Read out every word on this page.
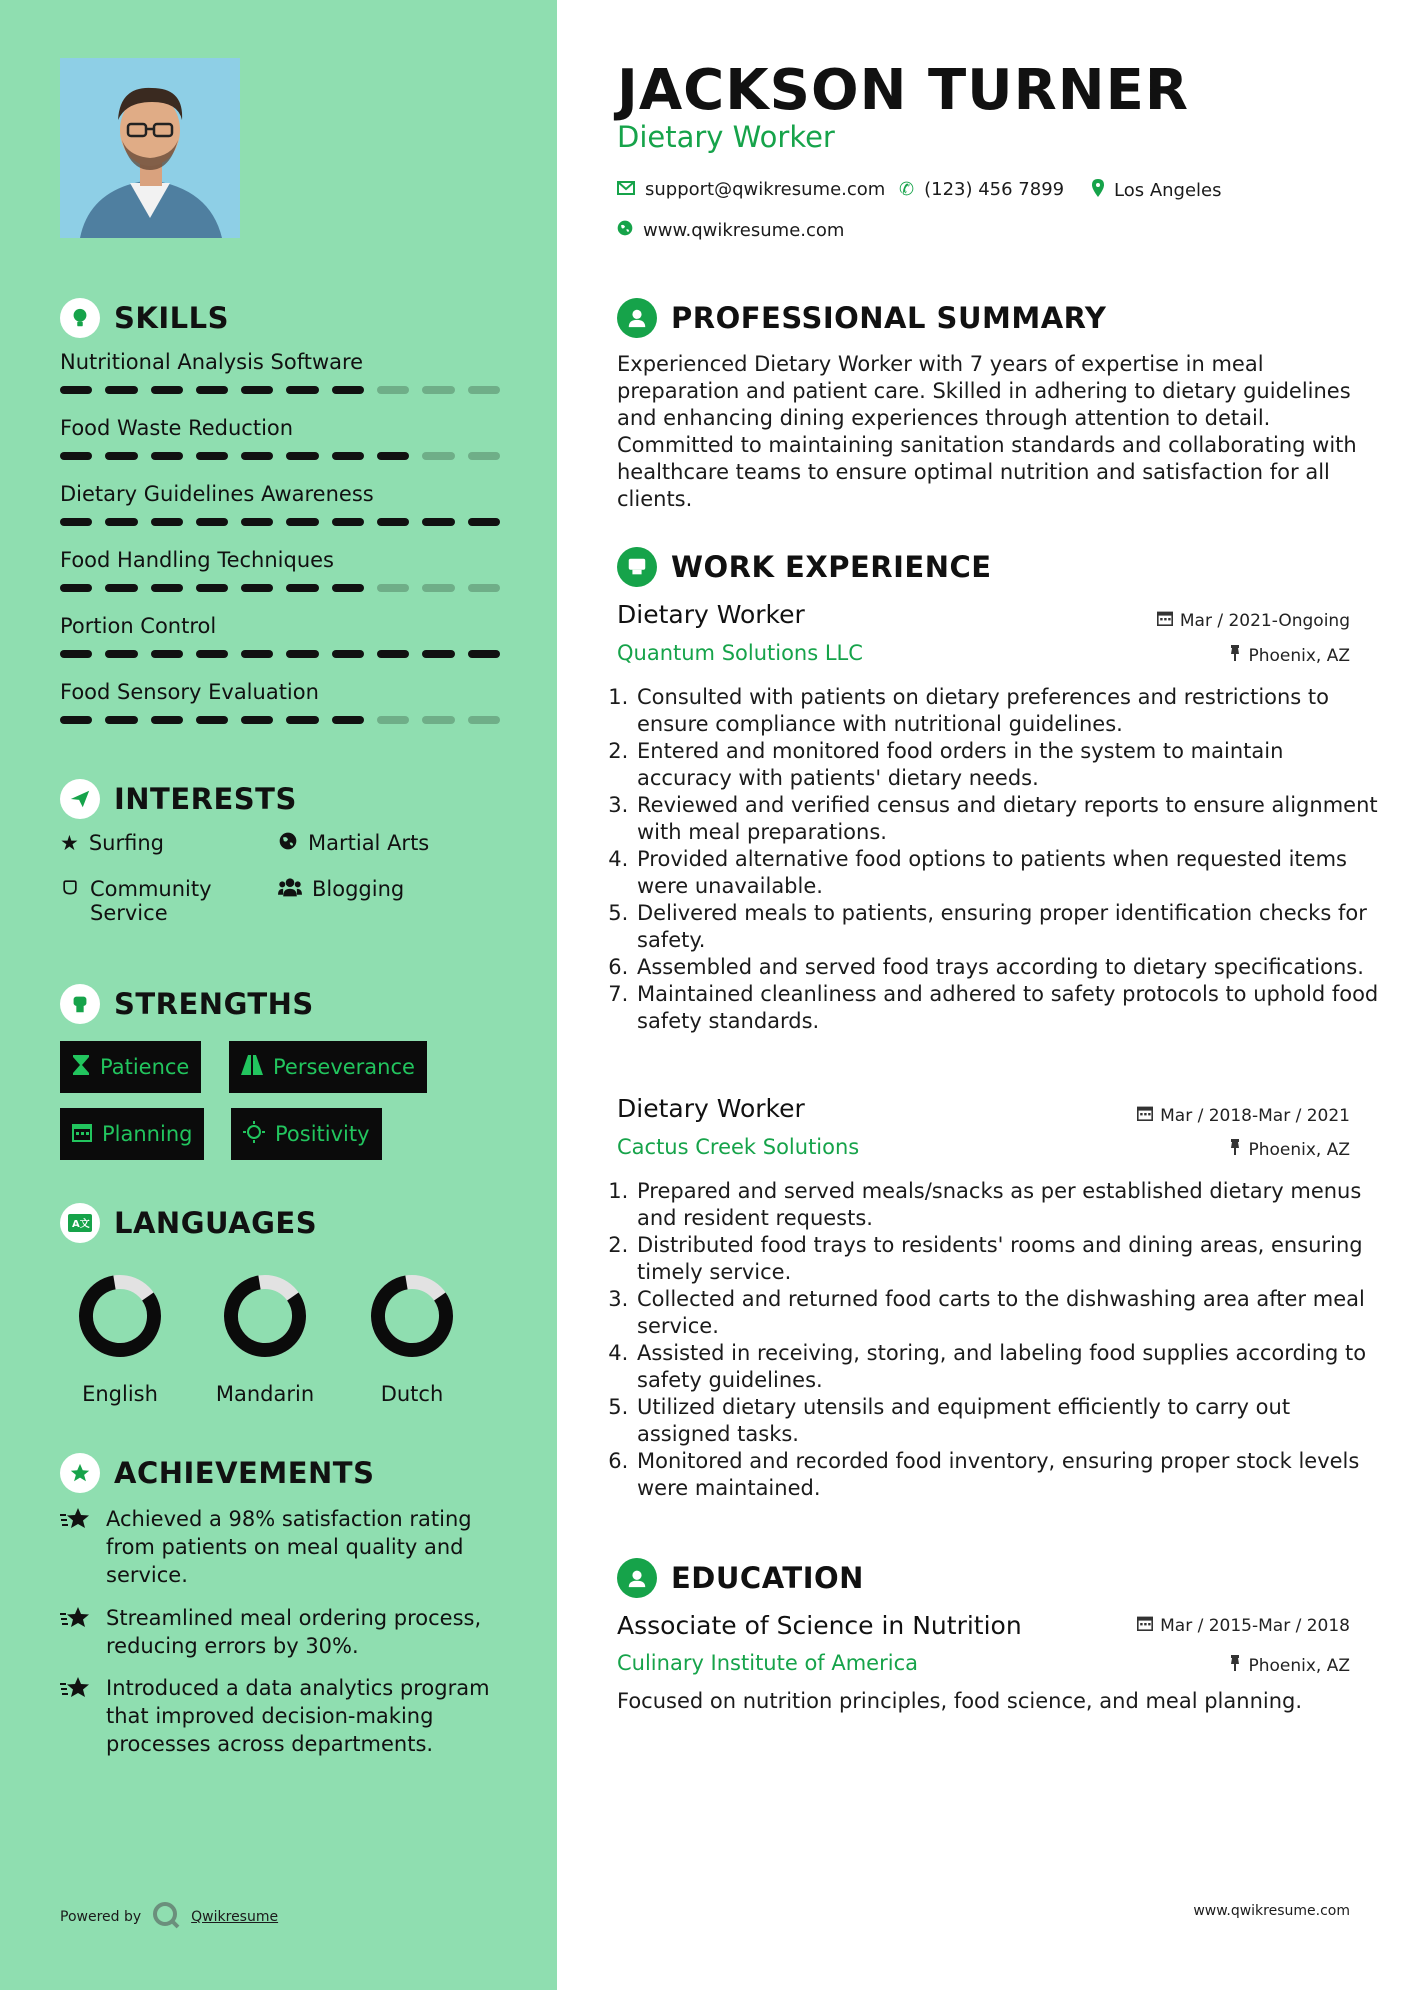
SKILLS
Nutritional Analysis Software
Food Waste Reduction
Dietary Guidelines Awareness
Food Handling Techniques
Portion Control
Food Sensory Evaluation
INTERESTS
★ Surfing	Martial Arts
Community Service
Blogging
STRENGTHS
Patience	Perseverance
Planning	Positivity
A文 LANGUAGES
English	Mandarin	Dutch
ACHIEVEMENTS
Achieved a 98% satisfaction rating from patients on meal quality and service.
Streamlined meal ordering process, reducing errors by 30%.
Introduced a data analytics program that improved decision-making processes across departments.
Powered by	Qwikresume
JACKSON TURNER
Dietary Worker
support@qwikresume.com ✆ (123) 456 7899	Los Angeles
www.qwikresume.com
PROFESSIONAL SUMMARY
Experienced Dietary Worker with 7 years of expertise in meal preparation and patient care. Skilled in adhering to dietary guidelines and enhancing dining experiences through attention to detail. Committed to maintaining sanitation standards and collaborating with healthcare teams to ensure optimal nutrition and satisfaction for all clients.
WORK EXPERIENCE
Dietary Worker	Mar / 2021-Ongoing
Quantum Solutions LLC	Phoenix, AZ
1. Consulted with patients on dietary preferences and restrictions to ensure compliance with nutritional guidelines.
2. Entered and monitored food orders in the system to maintain accuracy with patients' dietary needs.
3. Reviewed and verified census and dietary reports to ensure alignment with meal preparations.
4. Provided alternative food options to patients when requested items were unavailable.
5. Delivered meals to patients, ensuring proper identification checks for safety.
6. Assembled and served food trays according to dietary specifications.
7. Maintained cleanliness and adhered to safety protocols to uphold food safety standards.
Dietary Worker	Mar / 2018-Mar / 2021
Cactus Creek Solutions	Phoenix, AZ
1. Prepared and served meals/snacks as per established dietary menus and resident requests.
2. Distributed food trays to residents' rooms and dining areas, ensuring timely service.
3. Collected and returned food carts to the dishwashing area after meal service.
4. Assisted in receiving, storing, and labeling food supplies according to safety guidelines.
5. Utilized dietary utensils and equipment efficiently to carry out assigned tasks.
6. Monitored and recorded food inventory, ensuring proper stock levels were maintained.
EDUCATION
Associate of Science in Nutrition	Mar / 2015-Mar / 2018
Culinary Institute of America	Phoenix, AZ
Focused on nutrition principles, food science, and meal planning.
www.qwikresume.com
